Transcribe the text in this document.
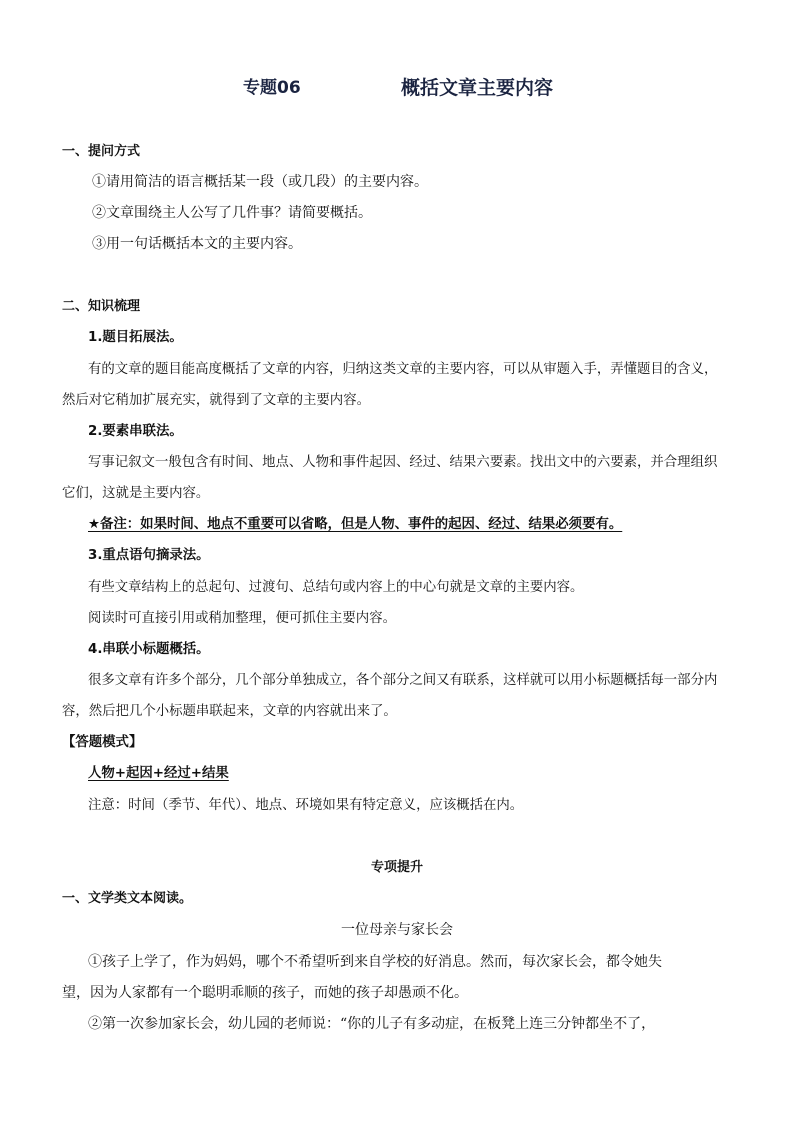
专题06	概括文章主要内容
一、提问方式
①请用简洁的语言概括某一段（或几段）的主要内容。
②文章围绕主人公写了几件事？请简要概括。
③用一句话概括本文的主要内容。
二、知识梳理
1.题目拓展法。
有的文章的题目能高度概括了文章的内容，归纳这类文章的主要内容，可以从审题入手，弄懂题目的含义，
然后对它稍加扩展充实，就得到了文章的主要内容。
2.要素串联法。
写事记叙文一般包含有时间、地点、人物和事件起因、经过、结果六要素。找出文中的六要素，并合理组织
它们，这就是主要内容。
★备注：如果时间、地点不重要可以省略，但是人物、事件的起因、经过、结果必须要有。
3.重点语句摘录法。
有些文章结构上的总起句、过渡句、总结句或内容上的中心句就是文章的主要内容。
阅读时可直接引用或稍加整理，便可抓住主要内容。
4.串联小标题概括。
很多文章有许多个部分，几个部分单独成立，各个部分之间又有联系，这样就可以用小标题概括每一部分内
容，然后把几个小标题串联起来，文章的内容就出来了。
【答题模式】
人物+起因+经过+结果
注意：时间（季节、年代）、地点、环境如果有特定意义，应该概括在内。
专项提升
一、文学类文本阅读。
一位母亲与家长会
①孩子上学了，作为妈妈，哪个不希望听到来自学校的好消息。然而，每次家长会，都令她失
望，因为人家都有一个聪明乖顺的孩子，而她的孩子却愚顽不化。
②第一次参加家长会，幼儿园的老师说：“你的儿子有多动症，在板凳上连三分钟都坐不了，
